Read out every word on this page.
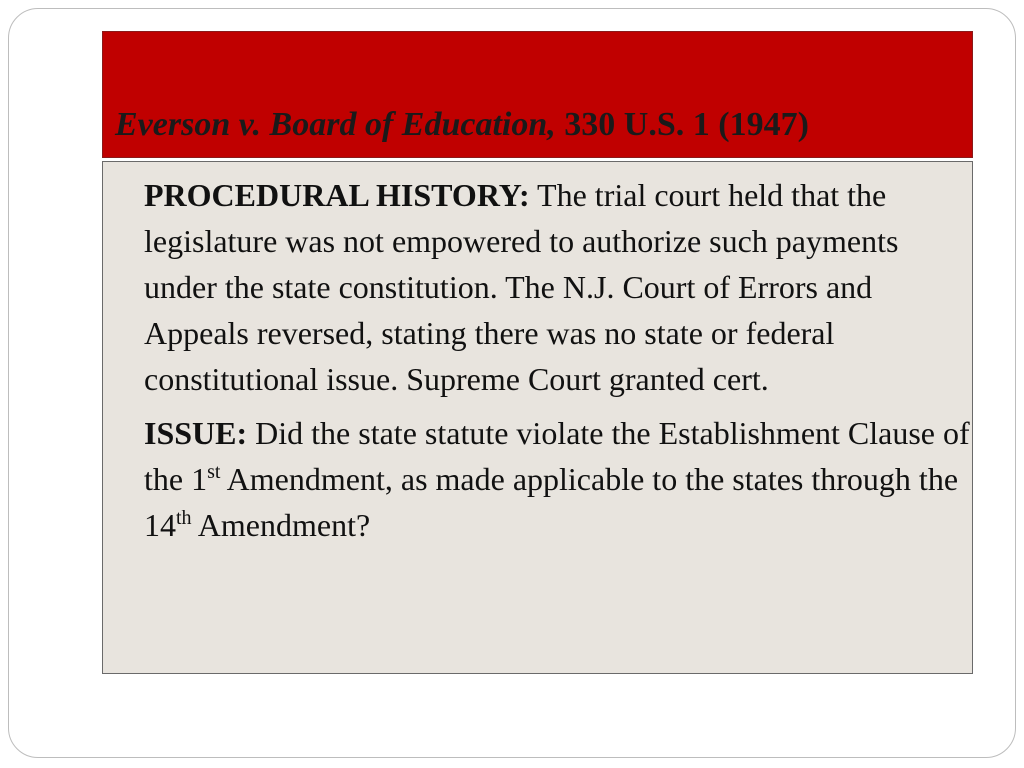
Everson v. Board of Education, 330 U.S. 1 (1947)

PROCEDURAL HISTORY: The trial court held that the legislature was not empowered to authorize such payments under the state constitution. The N.J. Court of Errors and Appeals reversed, stating there was no state or federal constitutional issue. Supreme Court granted cert.

ISSUE: Did the state statute violate the Establishment Clause of the 1st Amendment, as made applicable to the states through the 14th Amendment?
